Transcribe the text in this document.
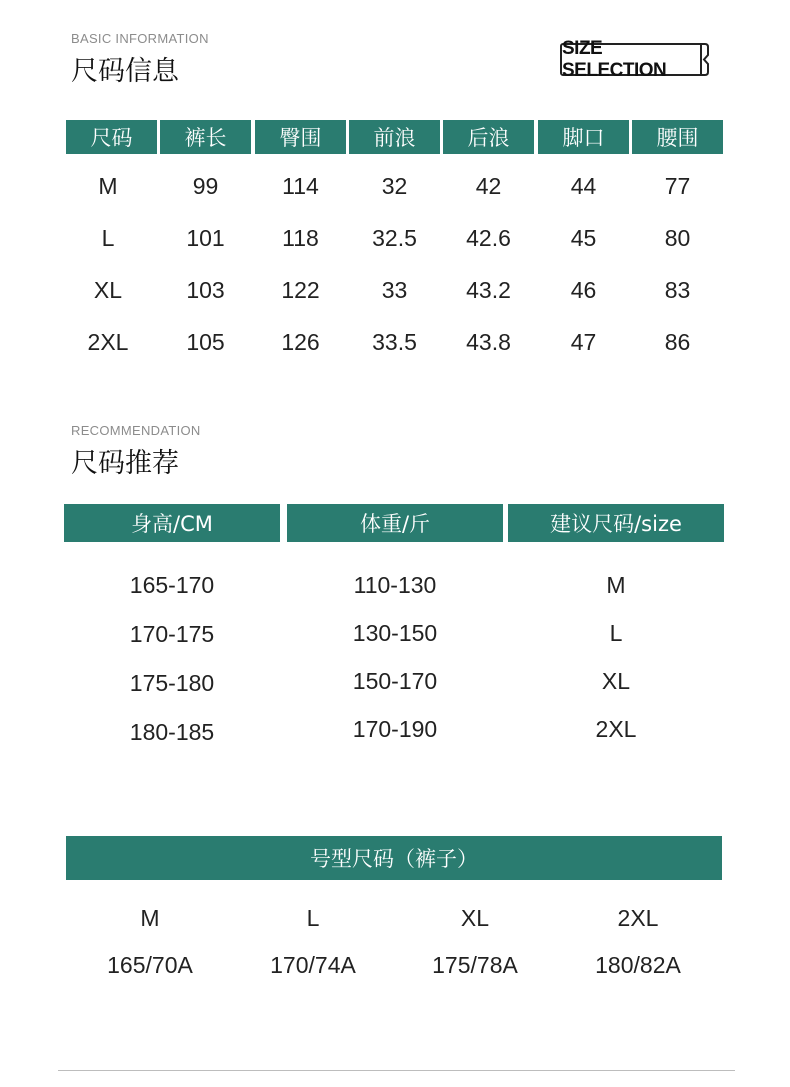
BASIC INFORMATION
尺码信息
SIZE SELECTION
尺码	裤长	臀围	前浪	后浪	脚口	腰围
M	99	114	32	42	44	77
L	101	118	32.5	42.6	45	80
XL	103	122	33	43.2	46	83
2XL	105	126	33.5	43.8	47	86
RECOMMENDATION
尺码推荐
身高/CM	体重/斤	建议尺码/size
165-170	110-130	M
170-175	130-150	L
175-180	150-170	XL
180-185	170-190	2XL
号型尺码（裤子）
M	L	XL	2XL
165/70A	170/74A	175/78A	180/82A
